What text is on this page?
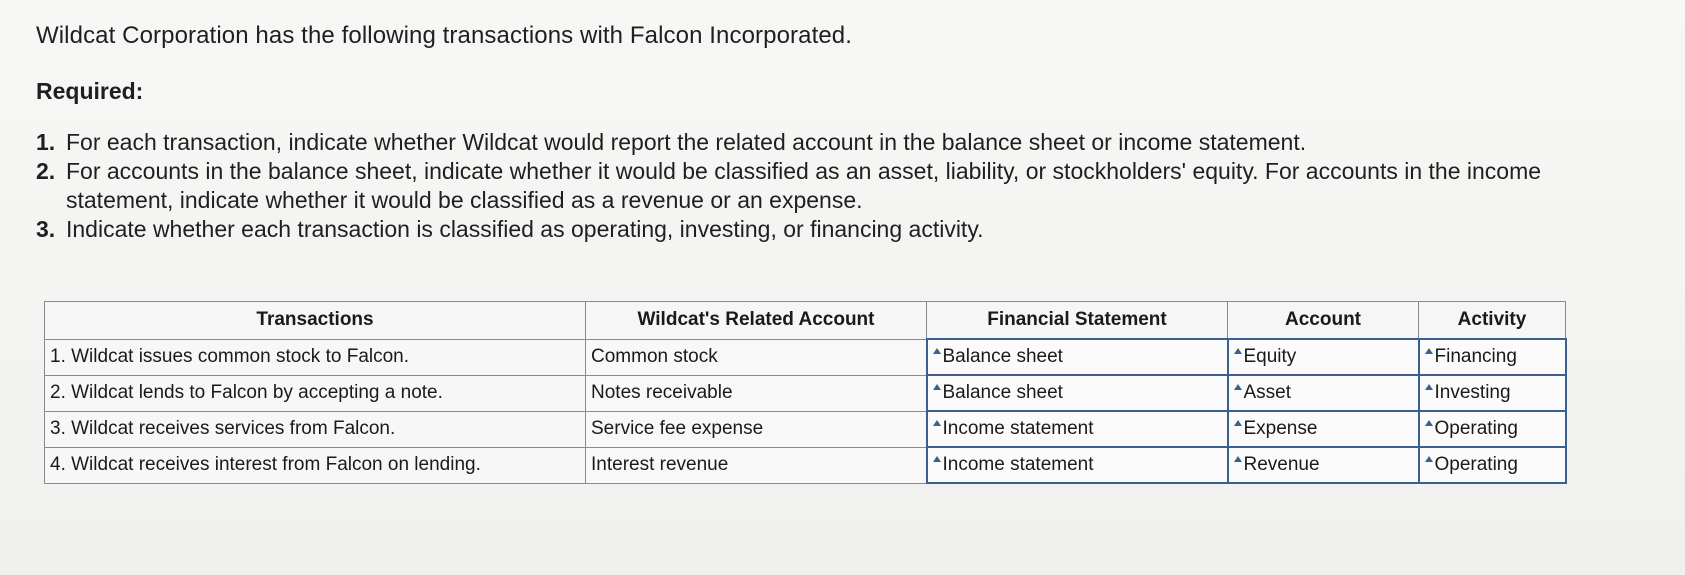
Wildcat Corporation has the following transactions with Falcon Incorporated.
Required:
1. For each transaction, indicate whether Wildcat would report the related account in the balance sheet or income statement.
2. For accounts in the balance sheet, indicate whether it would be classified as an asset, liability, or stockholders' equity. For accounts in the income statement, indicate whether it would be classified as a revenue or an expense.
3. Indicate whether each transaction is classified as operating, investing, or financing activity.
Transactions	Wildcat's Related Account	Financial Statement	Account	Activity
1. Wildcat issues common stock to Falcon.	Common stock	Balance sheet	Equity	Financing
2. Wildcat lends to Falcon by accepting a note.	Notes receivable	Balance sheet	Asset	Investing
3. Wildcat receives services from Falcon.	Service fee expense	Income statement	Expense	Operating
4. Wildcat receives interest from Falcon on lending.	Interest revenue	Income statement	Revenue	Operating
